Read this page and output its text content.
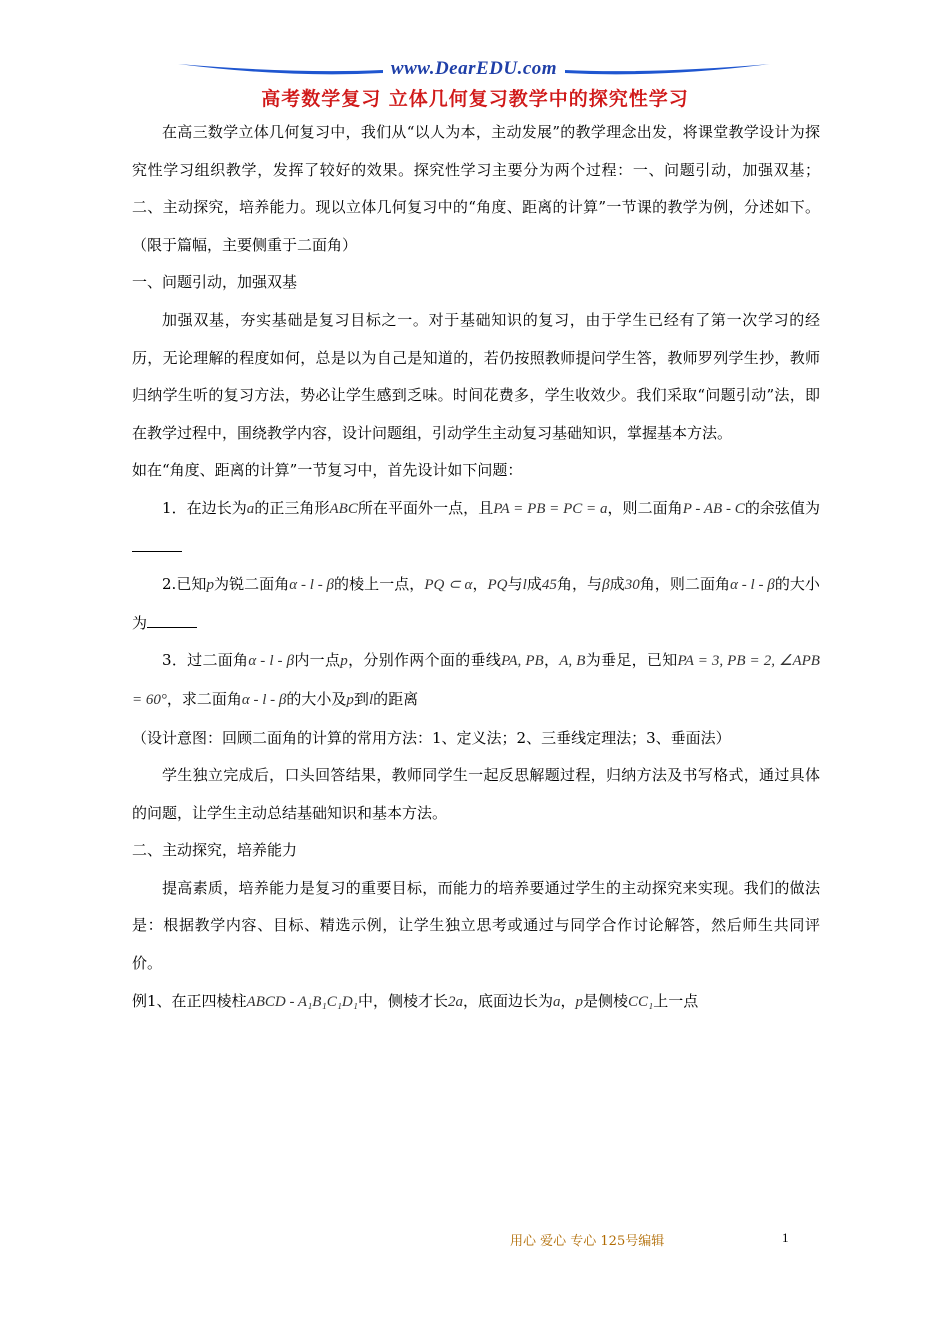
www.DearEDU.com
高考数学复习 立体几何复习教学中的探究性学习

在高三数学立体几何复习中，我们从“以人为本，主动发展”的教学理念出发，将课堂教学设计为探究性学习组织教学，发挥了较好的效果。探究性学习主要分为两个过程：一、问题引动，加强双基；二、主动探究，培养能力。现以立体几何复习中的“角度、距离的计算”一节课的教学为例，分述如下。（限于篇幅，主要侧重于二面角）

一、问题引动，加强双基

加强双基，夯实基础是复习目标之一。对于基础知识的复习，由于学生已经有了第一次学习的经历，无论理解的程度如何，总是以为自己是知道的，若仍按照教师提问学生答，教师罗列学生抄，教师归纳学生听的复习方法，势必让学生感到乏味。时间花费多，学生收效少。我们采取“问题引动”法，即在教学过程中，围绕教学内容，设计问题组，引动学生主动复习基础知识，掌握基本方法。

如在“角度、距离的计算”一节复习中，首先设计如下问题：

1．在边长为a的正三角形ABC所在平面外一点，且PA = PB = PC = a，则二面角P - AB - C的余弦值为

2.已知p为锐二面角α - l - β的棱上一点，PQ ⊂ α，PQ与l成45角，与β成30角，则二面角α - l - β的大小为

3．过二面角α - l - β内一点p，分别作两个面的垂线PA, PB，A, B为垂足，已知PA = 3, PB = 2, ∠APB = 60°，求二面角α - l - β的大小及p到l的距离

（设计意图：回顾二面角的计算的常用方法：1、定义法；2、三垂线定理法；3、垂面法）

学生独立完成后，口头回答结果，教师同学生一起反思解题过程，归纳方法及书写格式，通过具体的问题，让学生主动总结基础知识和基本方法。

二、主动探究，培养能力

提高素质，培养能力是复习的重要目标，而能力的培养要通过学生的主动探究来实现。我们的做法是：根据教学内容、目标、精选示例，让学生独立思考或通过与同学合作讨论解答，然后师生共同评价。

例1、在正四棱柱ABCD - A₁B₁C₁D₁中，侧棱才长2a，底面边长为a，p是侧棱CC₁上一点

用心 爱心 专心 125号编辑	1
